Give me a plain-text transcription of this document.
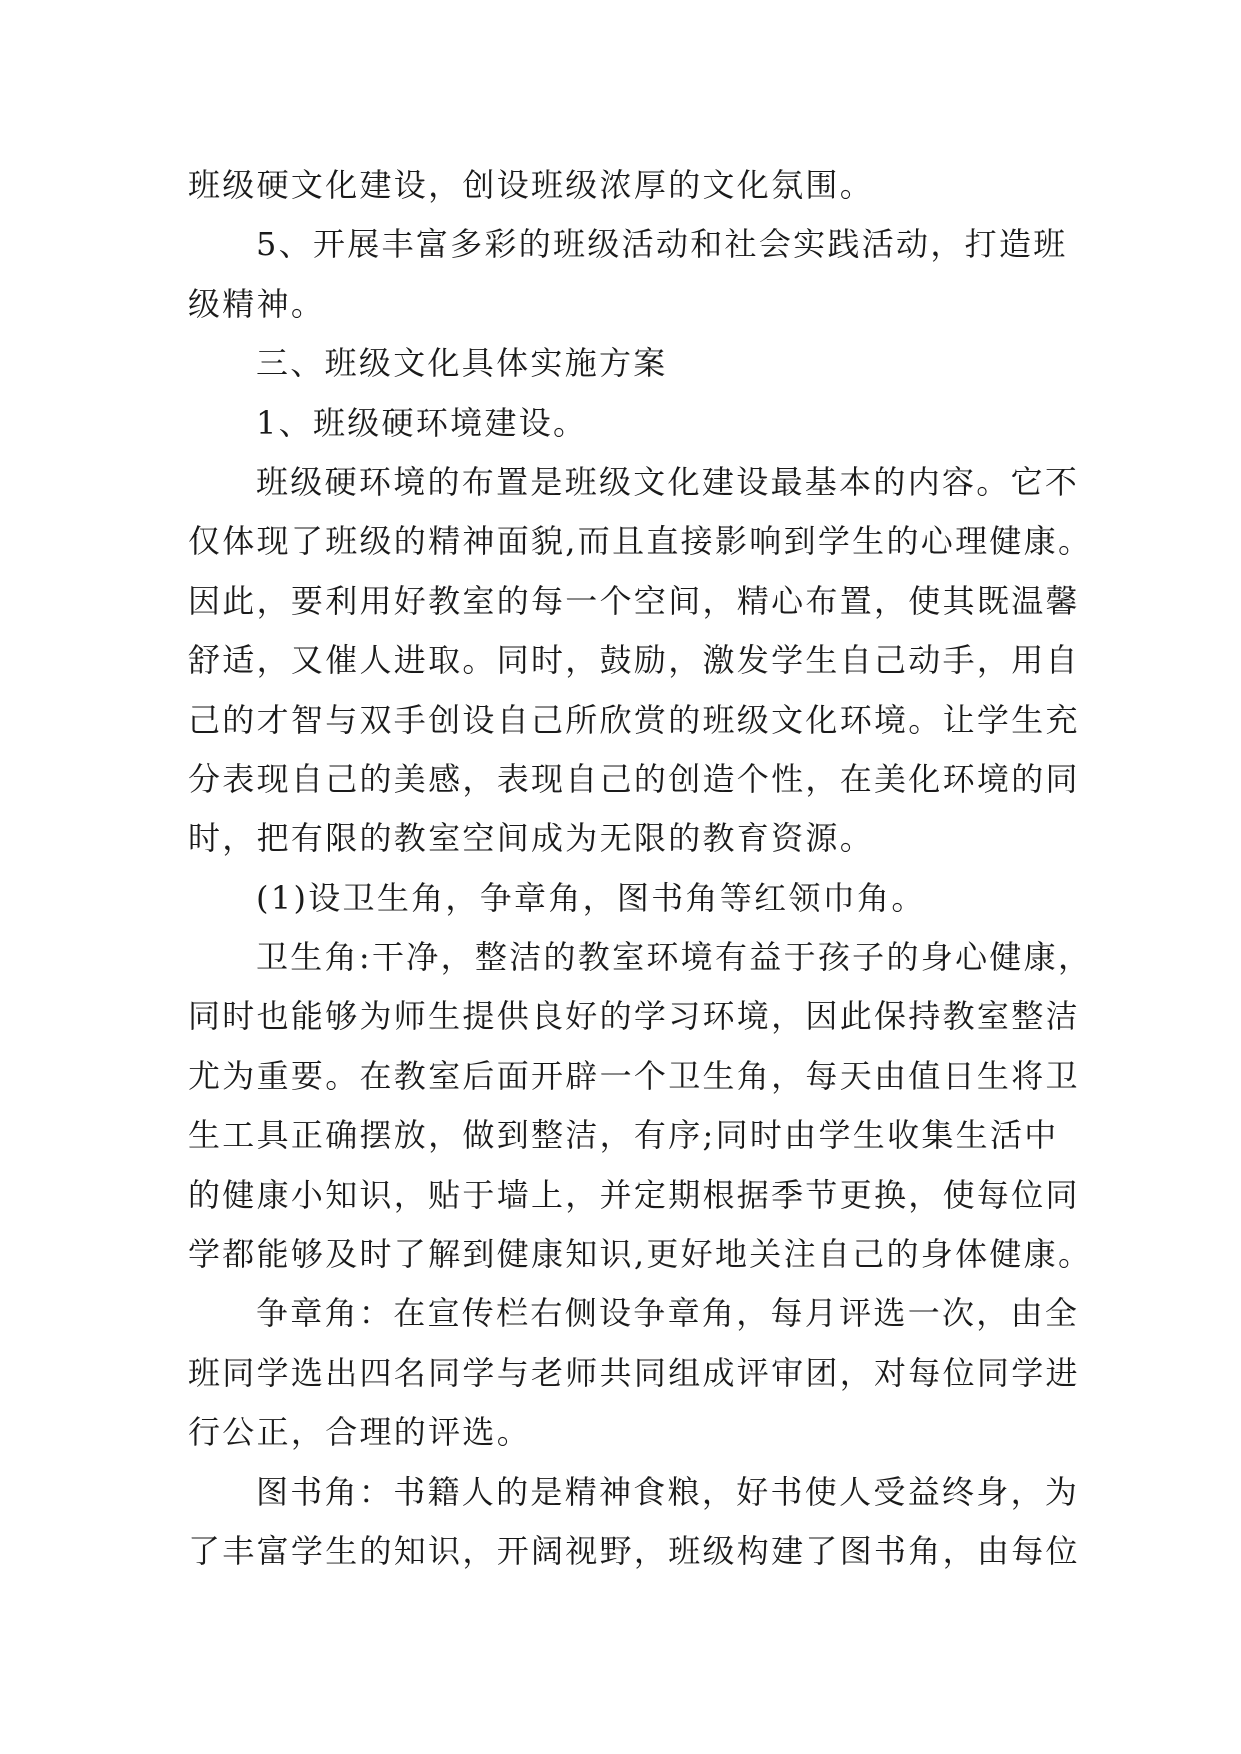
班级硬文化建设，创设班级浓厚的文化氛围。
5、开展丰富多彩的班级活动和社会实践活动，打造班
级精神。
三、班级文化具体实施方案
1、班级硬环境建设。
班级硬环境的布置是班级文化建设最基本的内容。它不
仅体现了班级的精神面貌,而且直接影响到学生的心理健康。
因此，要利用好教室的每一个空间，精心布置，使其既温馨
舒适，又催人进取。同时，鼓励，激发学生自己动手，用自
己的才智与双手创设自己所欣赏的班级文化环境。让学生充
分表现自己的美感，表现自己的创造个性，在美化环境的同
时，把有限的教室空间成为无限的教育资源。
(1)设卫生角，争章角，图书角等红领巾角。
卫生角:干净，整洁的教室环境有益于孩子的身心健康，
同时也能够为师生提供良好的学习环境，因此保持教室整洁
尤为重要。在教室后面开辟一个卫生角，每天由值日生将卫
生工具正确摆放，做到整洁，有序;同时由学生收集生活中
的健康小知识，贴于墙上，并定期根据季节更换，使每位同
学都能够及时了解到健康知识,更好地关注自己的身体健康。
争章角：在宣传栏右侧设争章角，每月评选一次，由全
班同学选出四名同学与老师共同组成评审团，对每位同学进
行公正，合理的评选。
图书角：书籍人的是精神食粮，好书使人受益终身，为
了丰富学生的知识，开阔视野，班级构建了图书角，由每位
